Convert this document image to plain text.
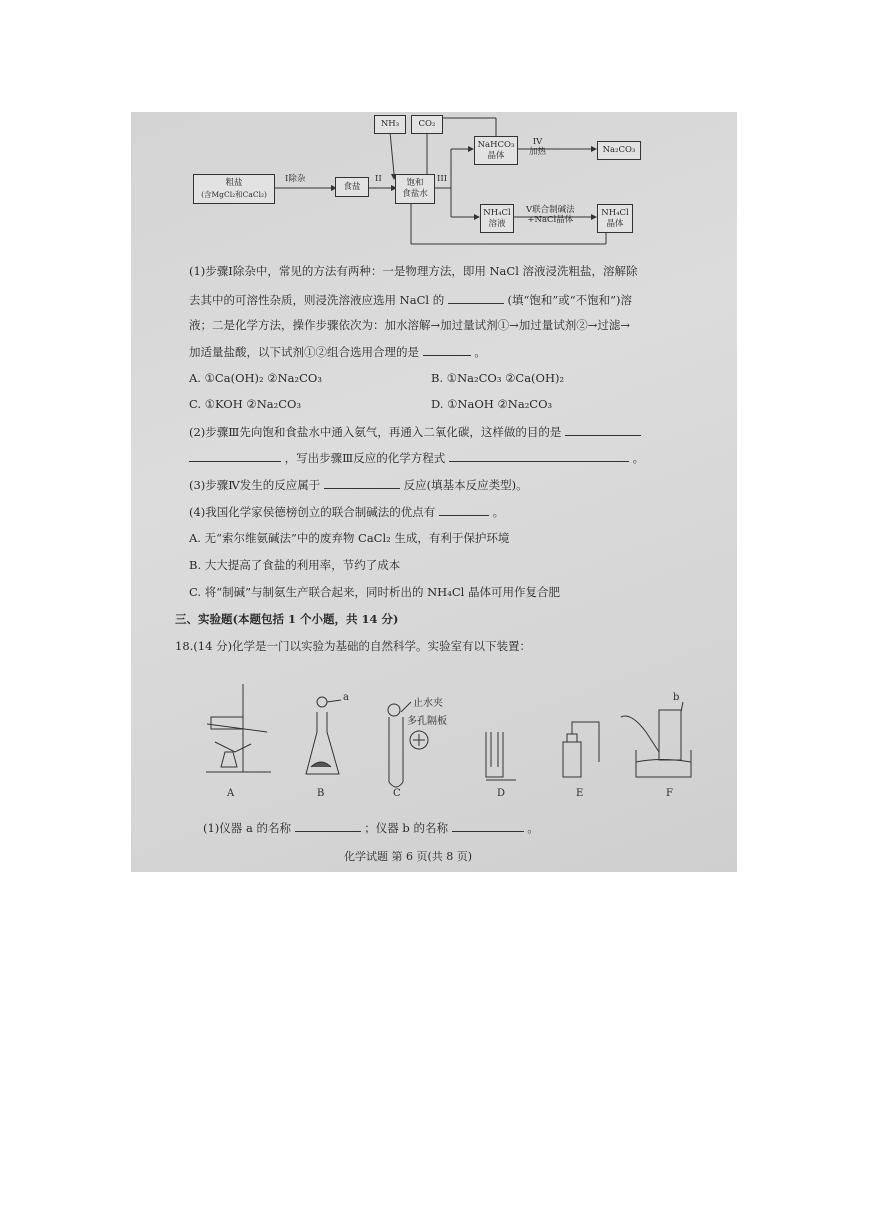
NH₃ CO₂
粗盐
(含MgCl₂和CaCl₂)
I除杂
食盐
II	饱和
食盐水
III
NaHCO₃
晶体
IV
加热	Na₂CO₃
NH₄Cl
溶液
V联合制碱法
+NaCl晶体
NH₄Cl
晶体
(1)步骤Ⅰ除杂中，常见的方法有两种：一是物理方法，即用 NaCl 溶液浸洗粗盐，溶解除
去其中的可溶性杂质，则浸洗溶液应选用 NaCl 的	(填“饱和”或“不饱和”)溶
液；二是化学方法，操作步骤依次为：加水溶解→加过量试剂①→加过量试剂②→过滤→
加适量盐酸，以下试剂①②组合选用合理的是	。
A. ①Ca(OH)₂ ②Na₂CO₃	B. ①Na₂CO₃ ②Ca(OH)₂
C. ①KOH ②Na₂CO₃	D. ①NaOH ②Na₂CO₃
(2)步骤Ⅲ先向饱和食盐水中通入氨气，再通入二氧化碳，这样做的目的是
，写出步骤Ⅲ反应的化学方程式	。
(3)步骤Ⅳ发生的反应属于	反应(填基本反应类型)。
(4)我国化学家侯德榜创立的联合制碱法的优点有	。
A. 无“索尔维氨碱法”中的废弃物 CaCl₂ 生成，有利于保护环境
B. 大大提高了食盐的利用率，节约了成本
C. 将“制碱”与制氨生产联合起来，同时析出的 NH₄Cl 晶体可用作复合肥
三、实验题(本题包括 1 个小题，共 14 分)
18.(14 分)化学是一门以实验为基础的自然科学。实验室有以下装置：
a	b
止水夹
多孔隔板
A	B	C	D	E	F
(1)仪器 a 的名称	；仪器 b 的名称	。
化学试题 第 6 页(共 8 页)
